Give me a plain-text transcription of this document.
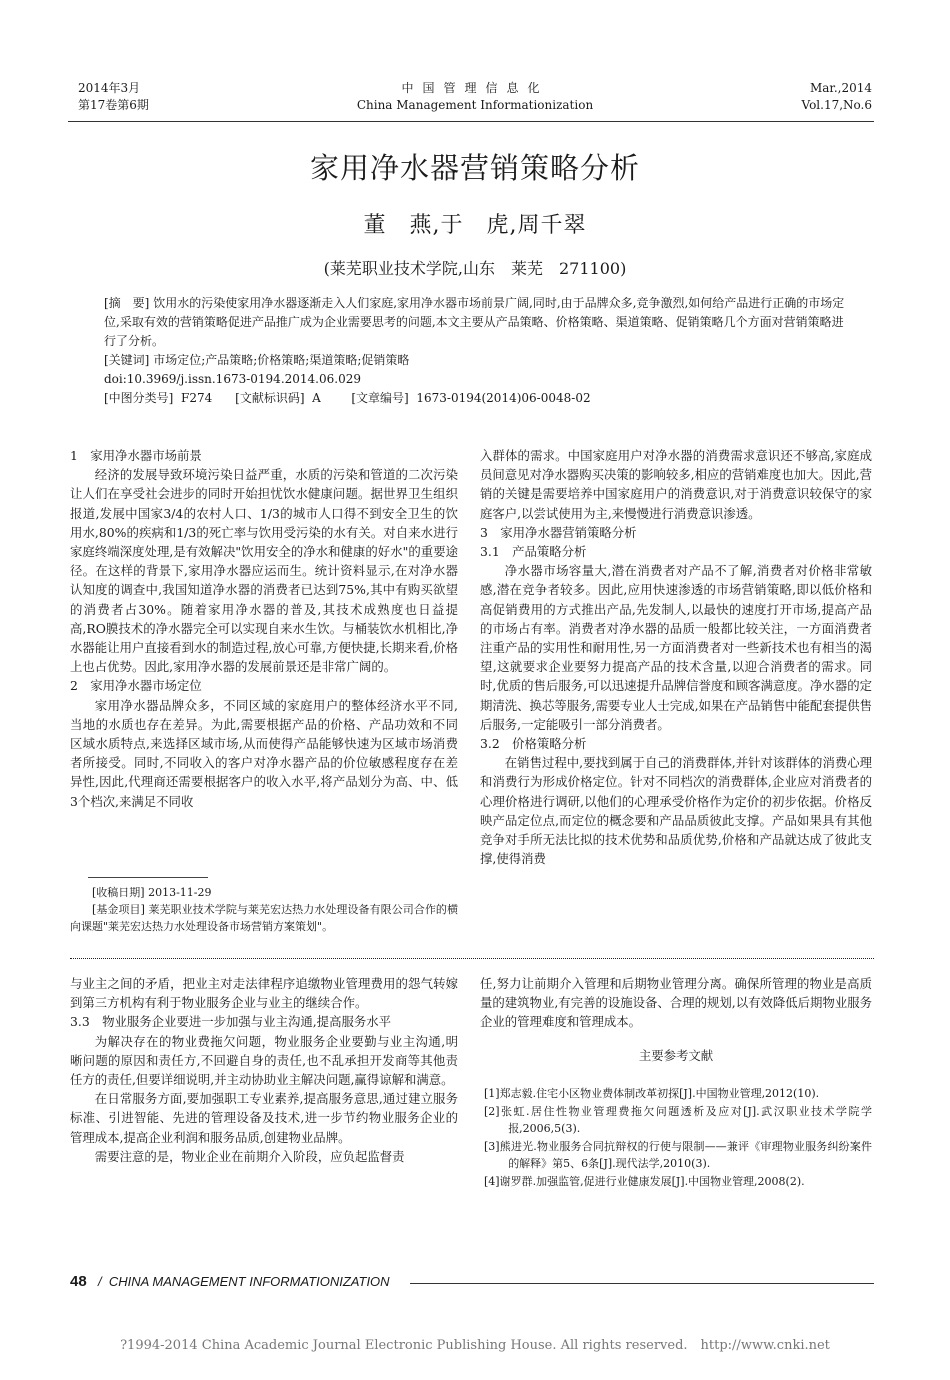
2014年3月
第17卷第6期
中国管理信息化
China Management Informationization
Mar.,2014
Vol.17,No.6
家用净水器营销策略分析
董　燕,于　虎,周千翠
(莱芜职业技术学院,山东　莱芜　271100)

[摘　要] 饮用水的污染使家用净水器逐渐走入人们家庭,家用净水器市场前景广阔,同时,由于品牌众多,竞争激烈,如何给产品进行正确的市场定位,采取有效的营销策略促进产品推广成为企业需要思考的问题,本文主要从产品策略、价格策略、渠道策略、促销策略几个方面对营销策略进行了分析。

[关键词] 市场定位;产品策略;价格策略;渠道策略;促销策略

doi:10.3969/j.issn.1673-0194.2014.06.029

[中图分类号] F274 [文献标识码] A	[文章编号] 1673-0194(2014)06-0048-02

1　家用净水器市场前景

经济的发展导致环境污染日益严重，水质的污染和管道的二次污染让人们在享受社会进步的同时开始担忧饮水健康问题。据世界卫生组织报道,发展中国家3/4的农村人口、1/3的城市人口得不到安全卫生的饮用水,80%的疾病和1/3的死亡率与饮用受污染的水有关。对自来水进行家庭终端深度处理,是有效解决"饮用安全的净水和健康的好水"的重要途径。在这样的背景下,家用净水器应运而生。统计资料显示,在对净水器认知度的调查中,我国知道净水器的消费者已达到75%,其中有购买欲望的消费者占30%。随着家用净水器的普及,其技术成熟度也日益提高,RO膜技术的净水器完全可以实现自来水生饮。与桶装饮水机相比,净水器能让用户直接看到水的制造过程,放心可靠,方便快捷,长期来看,价格上也占优势。因此,家用净水器的发展前景还是非常广阔的。

2　家用净水器市场定位

家用净水器品牌众多，不同区域的家庭用户的整体经济水平不同,当地的水质也存在差异。为此,需要根据产品的价格、产品功效和不同区域水质特点,来选择区域市场,从而使得产品能够快速为区域市场消费者所接受。同时,不同收入的客户对净水器产品的价位敏感程度存在差异性,因此,代理商还需要根据客户的收入水平,将产品划分为高、中、低3个档次,来满足不同收

[收稿日期] 2013-11-29

[基金项目] 莱芜职业技术学院与莱芜宏达热力水处理设备有限公司合作的横向课题"莱芜宏达热力水处理设备市场营销方案策划"。

入群体的需求。中国家庭用户对净水器的消费需求意识还不够高,家庭成员间意见对净水器购买决策的影响较多,相应的营销难度也加大。因此,营销的关键是需要培养中国家庭用户的消费意识,对于消费意识较保守的家庭客户,以尝试使用为主,来慢慢进行消费意识渗透。

3　家用净水器营销策略分析

3.1　产品策略分析

净水器市场容量大,潜在消费者对产品不了解,消费者对价格非常敏感,潜在竞争者较多。因此,应用快速渗透的市场营销策略,即以低价格和高促销费用的方式推出产品,先发制人,以最快的速度打开市场,提高产品的市场占有率。消费者对净水器的品质一般都比较关注，一方面消费者注重产品的实用性和耐用性,另一方面消费者对一些新技术也有相当的渴望,这就要求企业要努力提高产品的技术含量,以迎合消费者的需求。同时,优质的售后服务,可以迅速提升品牌信誉度和顾客满意度。净水器的定期清洗、换芯等服务,需要专业人士完成,如果在产品销售中能配套提供售后服务,一定能吸引一部分消费者。

3.2　价格策略分析

在销售过程中,要找到属于自己的消费群体,并针对该群体的消费心理和消费行为形成价格定位。针对不同档次的消费群体,企业应对消费者的心理价格进行调研,以他们的心理承受价格作为定价的初步依据。价格反映产品定位点,而定位的概念要和产品品质彼此支撑。产品如果具有其他竞争对手所无法比拟的技术优势和品质优势,价格和产品就达成了彼此支撑,使得消费

与业主之间的矛盾，把业主对走法律程序追缴物业管理费用的怨气转嫁到第三方机构有利于物业服务企业与业主的继续合作。

3.3　物业服务企业要进一步加强与业主沟通,提高服务水平

为解决存在的物业费拖欠问题，物业服务企业要勤与业主沟通,明晰问题的原因和责任方,不回避自身的责任,也不乱承担开发商等其他责任方的责任,但要详细说明,并主动协助业主解决问题,赢得谅解和满意。

在日常服务方面,要加强职工专业素养,提高服务意思,通过建立服务标准、引进智能、先进的管理设备及技术,进一步节约物业服务企业的管理成本,提高企业利润和服务品质,创建物业品牌。

需要注意的是，物业企业在前期介入阶段，应负起监督责

任,努力让前期介入管理和后期物业管理分离。确保所管理的物业是高质量的建筑物业,有完善的设施设备、合理的规划,以有效降低后期物业服务企业的管理难度和管理成本。

主要参考文献

[1]郑志毅.住宅小区物业费体制改革初探[J].中国物业管理,2012(10).

[2]张虹.居住性物业管理费拖欠问题透析及应对[J].武汉职业技术学院学报,2006,5(3).

[3]熊进光.物业服务合同抗辩权的行使与限制——兼评《审理物业服务纠纷案件的解释》第5、6条[J].现代法学,2010(3).

[4]谢罗群.加强监管,促进行业健康发展[J].中国物业管理,2008(2).

48 / CHINA MANAGEMENT INFORMATIONIZATION
?1994-2014 China Academic Journal Electronic Publishing House. All rights reserved.　http://www.cnki.net
